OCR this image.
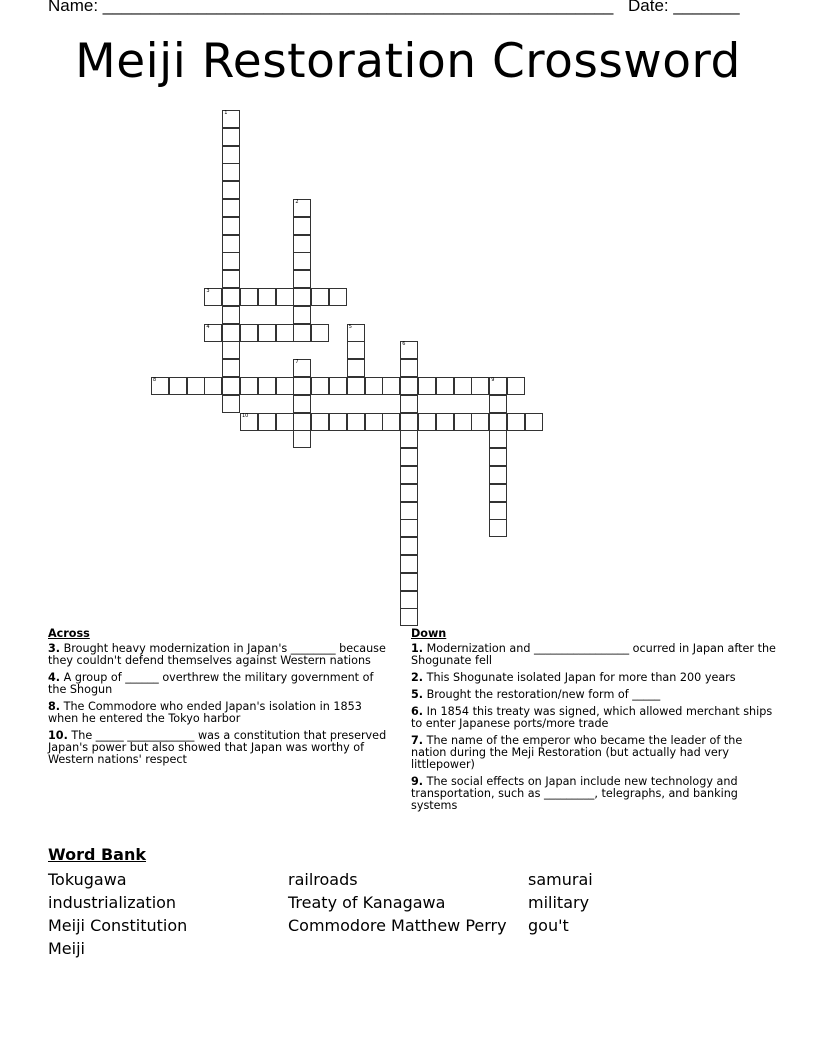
Name: ______________________________________________________ Date: _______
Meiji Restoration Crossword
1
2
3
4	5
6
7
8	9
10
Across
3. Brought heavy modernization in Japan's ________ because they couldn't defend themselves against Western nations
4. A group of ______ overthrew the military government of the Shogun
8. The Commodore who ended Japan's isolation in 1853 when he entered the Tokyo harbor
10. The _____ ____________ was a constitution that preserved Japan's power but also showed that Japan was worthy of Western nations' respect
Down
1. Modernization and _________________ ocurred in Japan after the Shogunate fell
2. This Shogunate isolated Japan for more than 200 years
5. Brought the restoration/new form of _____
6. In 1854 this treaty was signed, which allowed merchant ships to enter Japanese ports/more trade
7. The name of the emperor who became the leader of the nation during the Meji Restoration (but actually had very littlepower)
9. The social effects on Japan include new technology and transportation, such as _________, telegraphs, and banking systems
Word Bank
Tokugawa
industrialization
Meiji Constitution
Meiji
railroads
Treaty of Kanagawa
Commodore Matthew Perry
samurai
military
gou't
